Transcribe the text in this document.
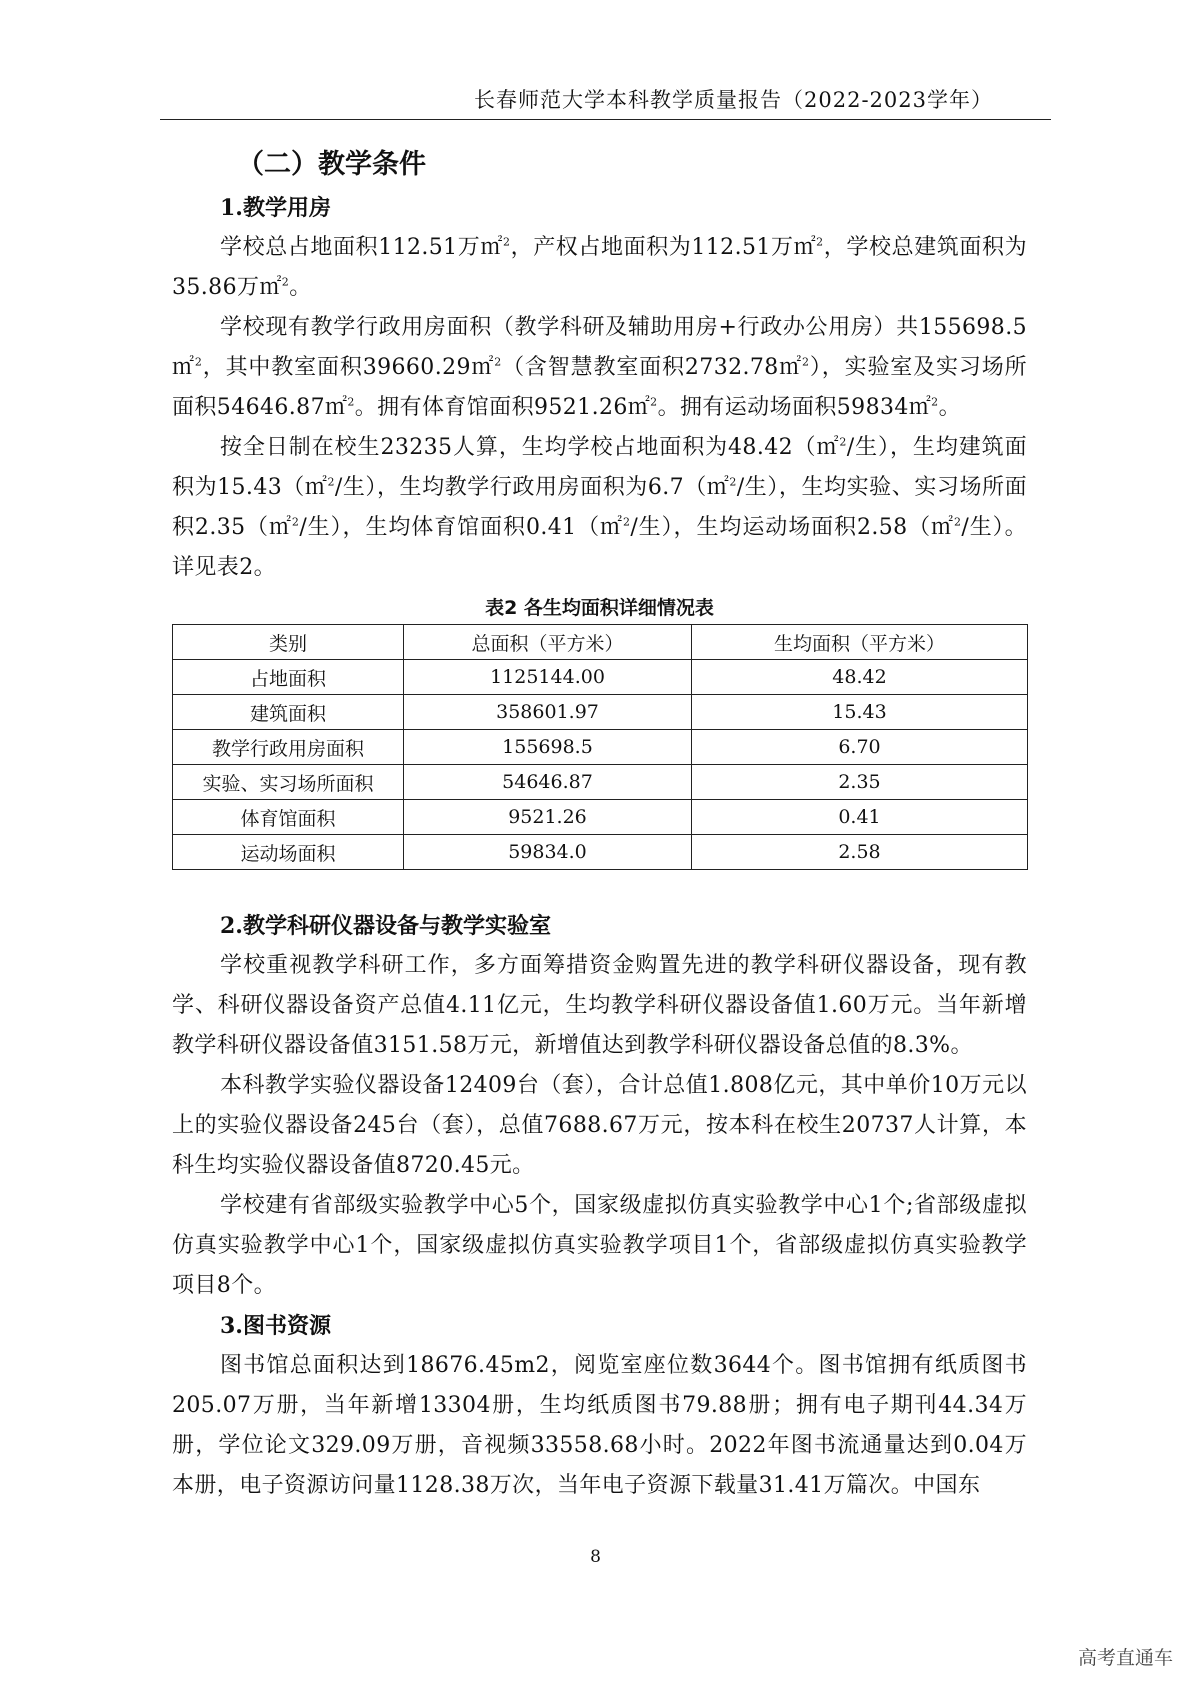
长春师范大学本科教学质量报告（2022-2023学年）
（二）教学条件
1.教学用房

学校总占地面积112.51万㎡$^2$，产权占地面积为112.51万㎡$^2$，学校总建筑面积为35.86万㎡$^2$。

学校现有教学行政用房面积（教学科研及辅助用房+行政办公用房）共155698.5㎡$^2$，其中教室面积39660.29㎡$^2$（含智慧教室面积2732.78㎡$^2$），实验室及实习场所面积54646.87㎡$^2$。拥有体育馆面积9521.26㎡$^2$。拥有运动场面积59834㎡$^2$。

按全日制在校生23235人算，生均学校占地面积为48.42（㎡$^2$/生），生均建筑面积为15.43（㎡$^2$/生），生均教学行政用房面积为6.7（㎡$^2$/生），生均实验、实习场所面积2.35（㎡$^2$/生），生均体育馆面积0.41（㎡$^2$/生），生均运动场面积2.58（㎡$^2$/生）。详见表2。

表2 各生均面积详细情况表
类别	总面积（平方米）	生均面积（平方米）
占地面积	1125144.00	48.42
建筑面积	358601.97	15.43
教学行政用房面积	155698.5	6.70
实验、实习场所面积	54646.87	2.35
体育馆面积	9521.26	0.41
运动场面积	59834.0	2.58
2.教学科研仪器设备与教学实验室

学校重视教学科研工作，多方面筹措资金购置先进的教学科研仪器设备，现有教学、科研仪器设备资产总值4.11亿元，生均教学科研仪器设备值1.60万元。当年新增教学科研仪器设备值3151.58万元，新增值达到教学科研仪器设备总值的8.3%。

本科教学实验仪器设备12409台（套），合计总值1.808亿元，其中单价10万元以上的实验仪器设备245台（套），总值7688.67万元，按本科在校生20737人计算，本科生均实验仪器设备值8720.45元。

学校建有省部级实验教学中心5个，国家级虚拟仿真实验教学中心1个;省部级虚拟仿真实验教学中心1个，国家级虚拟仿真实验教学项目1个，省部级虚拟仿真实验教学项目8个。

3.图书资源

图书馆总面积达到18676.45m2，阅览室座位数3644个。图书馆拥有纸质图书205.07万册，当年新增13304册，生均纸质图书79.88册；拥有电子期刊44.34万册，学位论文329.09万册，音视频33558.68小时。2022年图书流通量达到0.04万本册，电子资源访问量1128.38万次，当年电子资源下载量31.41万篇次。中国东

8
高考直通车
